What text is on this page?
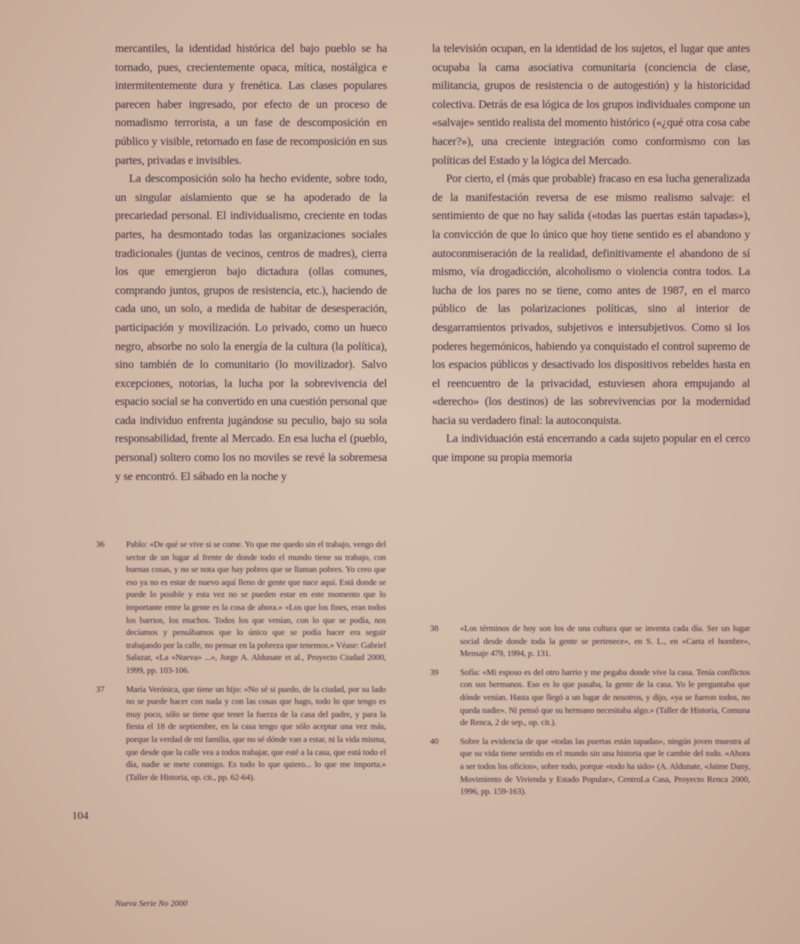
mercantiles, la identidad histórica del bajo pueblo se ha tornado, pues, crecientemente opaca, mítica, nostálgica e intermitentemente dura y frenética. Las clases populares parecen haber ingresado, por efecto de un proceso de nomadismo terrorista, a un fase de descomposición en público y visible, retornado en fase de recomposición en sus partes, privadas e invisibles.

La descomposición solo ha hecho evidente, sobre todo, un singular aislamiento que se ha apoderado de la precariedad personal. El individualismo, creciente en todas partes, ha desmontado todas las organizaciones sociales tradicionales (juntas de vecinos, centros de madres), cierra los que emergieron bajo dictadura (ollas comunes, comprando juntos, grupos de resistencia, etc.), haciendo de cada uno, un solo, a medida de habitar de desesperación, participación y movilización. Lo privado, como un hueco negro, absorbe no solo la energía de la cultura (la política), sino también de lo comunitario (lo movilizador). Salvo excepciones, notorias, la lucha por la sobrevivencia del espacio social se ha convertido en una cuestión personal que cada individuo enfrenta jugándose su peculio, bajo su sola responsabilidad, frente al Mercado. En esa lucha el (pueblo, personal) soltero como los no moviles se revé la sobremesa y se encontró. El sábado en la noche y

la televisión ocupan, en la identidad de los sujetos, el lugar que antes ocupaba la cama asociativa comunitaria (conciencia de clase, militancia, grupos de resistencia o de autogestión) y la historicidad colectiva. Detrás de esa lógica de los grupos individuales compone un «salvaje» sentido realista del momento histórico («¿qué otra cosa cabe hacer?»), una creciente integración como conformismo con las políticas del Estado y la lógica del Mercado.

Por cierto, el (más que probable) fracaso en esa lucha generalizada de la manifestación reversa de ese mismo realismo salvaje: el sentimiento de que no hay salida («todas las puertas están tapadas»), la convicción de que lo único que hoy tiene sentido es el abandono y autoconmiseración de la realidad, definitivamente el abandono de sí mismo, vía drogadicción, alcoholismo o violencia contra todos. La lucha de los pares no se tiene, como antes de 1987, en el marco público de las polarizaciones políticas, sino al interior de desgarramientos privados, subjetivos e intersubjetivos. Como si los poderes hegemónicos, habiendo ya conquistado el control supremo de los espacios públicos y desactivado los dispositivos rebeldes hasta en el reencuentro de la privacidad, estuviesen ahora empujando al «derecho» (los destinos) de las sobrevivencias por la modernidad hacia su verdadero final: la autoconquista.

La individuación está encerrando a cada sujeto popular en el cerco que impone su propia memoria

36	Pablo: «De qué se vive si se come. Yo que me quedo sin el trabajo, vengo del sector de un lugar al frente de donde todo el mundo tiene su trabajo, con buenas cosas, y no se nota que hay pobres que se llaman pobres. Yo creo que eso ya no es estar de nuevo aquí lleno de gente que nace aquí. Está donde se puede lo posible y esta vez no se pueden estar en este momento que lo importante entre la gente es la cosa de ahora.» «Los que los fines, eran todos los barrios, los muchos. Todos los que venían, con lo que se podía, nos decíamos y pensábamos que lo único que se podía hacer era seguir trabajando por la calle, no pensar en la pobreza que tenemos.» Véase: Gabriel Salazar, «La «Nueva» ...», Jorge A. Aldunate et al., Proyecto Ciudad 2000, 1999, pp. 103-106.
37	María Verónica, que tiene un hijo: «No sé si puedo, de la ciudad, por su lado no se puede hacer con nada y con las cosas que hago, todo lo que tengo es muy poco, sólo se tiene que tener la fuerza de la casa del padre, y para la fiesta el 18 de septiembre, en la casa tengo que sólo aceptar una vez más, porque la verdad de mi familia, que no sé dónde van a estar, ni la vida misma, que desde que la calle vea a todos trabajar, que esté a la casa, que está todo el día, nadie se mete conmigo. Es todo lo que quiero... lo que me importa.» (Taller de Historia, op. cit., pp. 62-64).
38	«Los términos de hoy son los de una cultura que se inventa cada día. Ser un lugar social desde donde toda la gente se pertenece», en S. L., en «Carta el hombre», Mensaje 479, 1994, p. 131.
39	Sofía: «Mi esposo es del otro barrio y me pegaba donde vive la casa. Tenía conflictos con sus hermanos. Eso es lo que pasaba, la gente de la casa. Yo le preguntaba que dónde venían. Hasta que llegó a un lugar de nosotros, y dijo, «ya se fueron todos, no queda nadie». Ni pensó que su hermano necesitaba algo.» (Taller de Historia, Comuna de Renca, 2 de sep., op. cit.).
40	Sobre la evidencia de que «todas las puertas están tapadas», ningún joven muestra al que su vida tiene sentido en el mundo sin una historia que le cambie del todo. «Ahora a ser todos los oficios», sobre todo, porque «todo ha sido» (A. Aldunate, «Jaime Dany, Movimiento de Vivienda y Estado Popular», CentroLa Casa, Proyecto Renca 2000, 1996, pp. 159-163).
104
Nueva Serie No 2000
